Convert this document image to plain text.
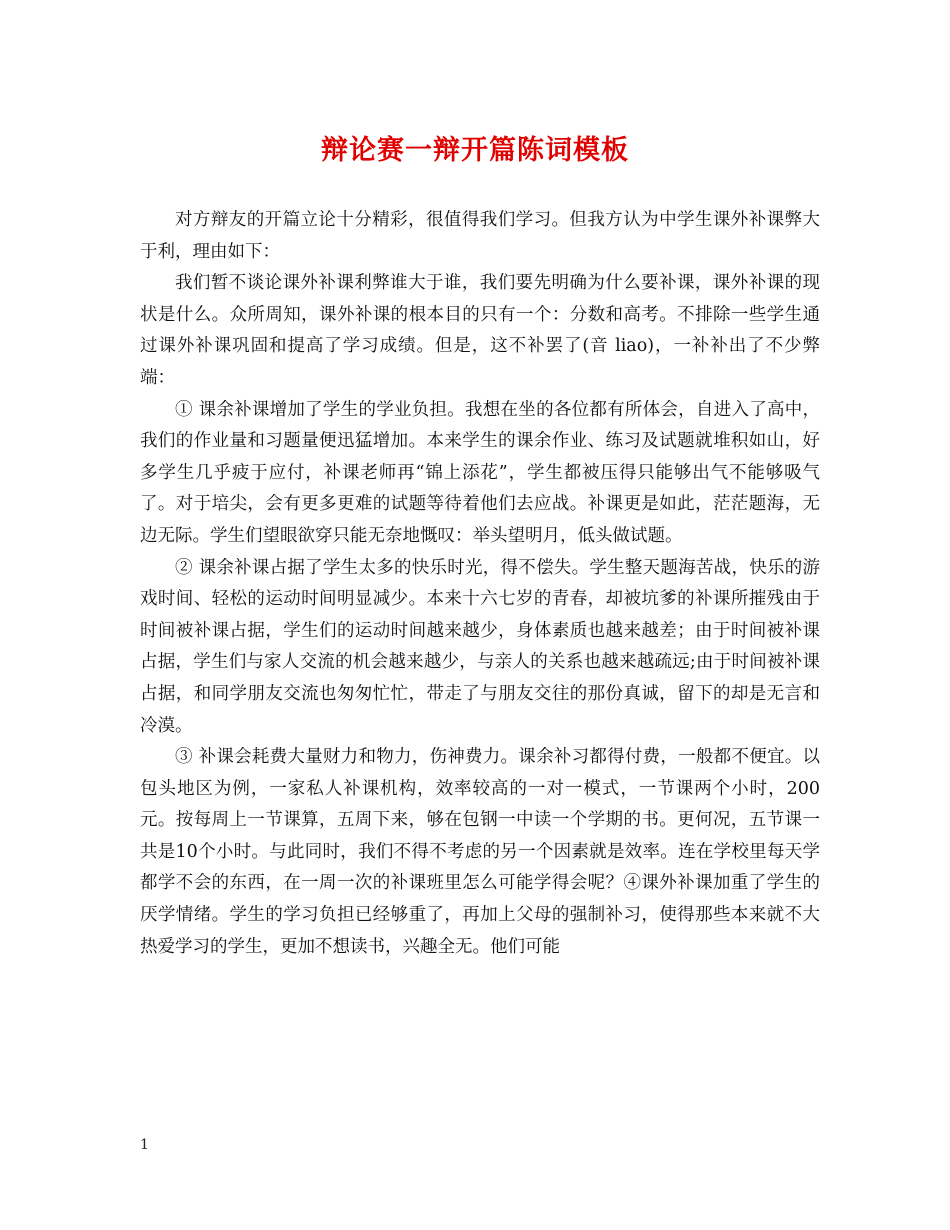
辩论赛一辩开篇陈词模板

对方辩友的开篇立论十分精彩，很值得我们学习。但我方认为中学生课外补课弊大于利，理由如下：

我们暂不谈论课外补课利弊谁大于谁，我们要先明确为什么要补课，课外补课的现状是什么。众所周知，课外补课的根本目的只有一个：分数和高考。不排除一些学生通过课外补课巩固和提高了学习成绩。但是，这不补罢了(音 liao)，一补补出了不少弊端：

① 课余补课增加了学生的学业负担。我想在坐的各位都有所体会，自进入了高中，我们的作业量和习题量便迅猛增加。本来学生的课余作业、练习及试题就堆积如山，好多学生几乎疲于应付，补课老师再“锦上添花”，学生都被压得只能够出气不能够吸气了。对于培尖，会有更多更难的试题等待着他们去应战。补课更是如此，茫茫题海，无边无际。学生们望眼欲穿只能无奈地慨叹：举头望明月，低头做试题。

② 课余补课占据了学生太多的快乐时光，得不偿失。学生整天题海苦战，快乐的游戏时间、轻松的运动时间明显减少。本来十六七岁的青春，却被坑爹的补课所摧残由于时间被补课占据，学生们的运动时间越来越少，身体素质也越来越差；由于时间被补课占据，学生们与家人交流的机会越来越少，与亲人的关系也越来越疏远;由于时间被补课占据，和同学朋友交流也匆匆忙忙，带走了与朋友交往的那份真诚，留下的却是无言和冷漠。

③ 补课会耗费大量财力和物力，伤神费力。课余补习都得付费，一般都不便宜。以包头地区为例，一家私人补课机构，效率较高的一对一模式，一节课两个小时，200元。按每周上一节课算，五周下来，够在包钢一中读一个学期的书。更何况，五节课一共是10个小时。与此同时，我们不得不考虑的另一个因素就是效率。连在学校里每天学都学不会的东西，在一周一次的补课班里怎么可能学得会呢？④课外补课加重了学生的厌学情绪。学生的学习负担已经够重了，再加上父母的强制补习，使得那些本来就不大热爱学习的学生，更加不想读书，兴趣全无。他们可能

1
